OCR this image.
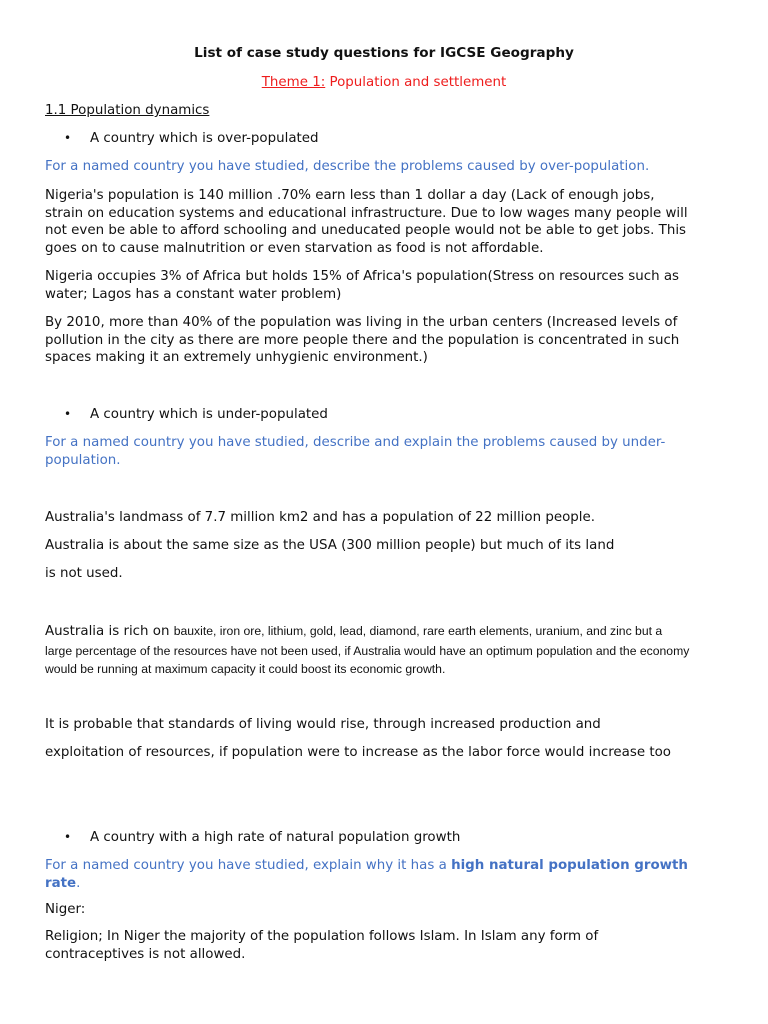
List of case study questions for IGCSE Geography

Theme 1: Population and settlement

1.1 Population dynamics

• A country which is over-populated

For a named country you have studied, describe the problems caused by over-population.

Nigeria's population is 140 million .70% earn less than 1 dollar a day (Lack of enough jobs,
strain on education systems and educational infrastructure. Due to low wages many people will
not even be able to afford schooling and uneducated people would not be able to get jobs. This
goes on to cause malnutrition or even starvation as food is not affordable.
Nigeria occupies 3% of Africa but holds 15% of Africa's population(Stress on resources such as
water; Lagos has a constant water problem)
By 2010, more than 40% of the population was living in the urban centers (Increased levels of
pollution in the city as there are more people there and the population is concentrated in such
spaces making it an extremely unhygienic environment.)
• A country which is under-populated

For a named country you have studied, describe and explain the problems caused by under-
population.

Australia's landmass of 7.7 million km2 and has a population of 22 million people.

Australia is about the same size as the USA (300 million people) but much of its land

is not used.

Australia is rich on bauxite, iron ore, lithium, gold, lead, diamond, rare earth elements, uranium, and zinc but a
large percentage of the resources have not been used, if Australia would have an optimum population and the economy
would be running at maximum capacity it could boost its economic growth.

It is probable that standards of living would rise, through increased production and

exploitation of resources, if population were to increase as the labor force would increase too

• A country with a high rate of natural population growth

For a named country you have studied, explain why it has a high natural population growth
rate.

Niger:

Religion; In Niger the majority of the population follows Islam. In Islam any form of
contraceptives is not allowed.
